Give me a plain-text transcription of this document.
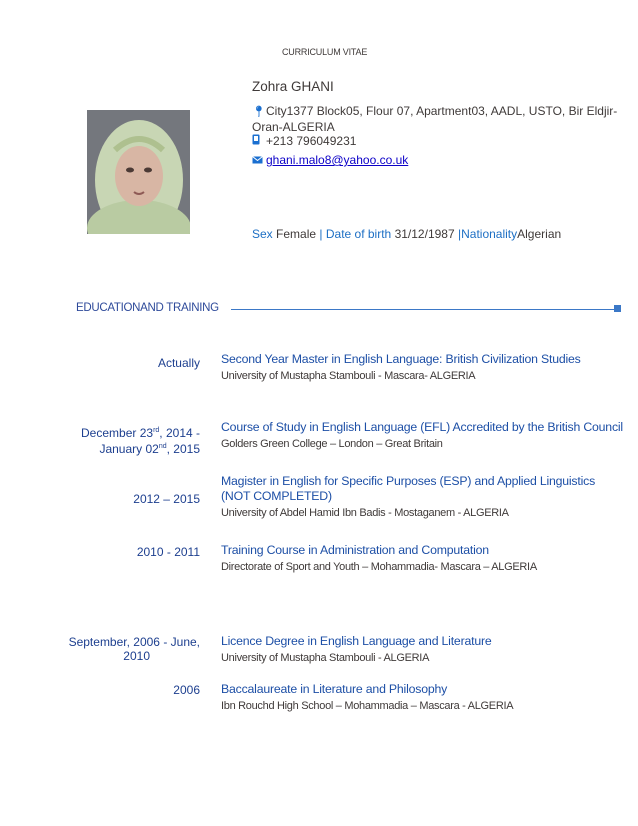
CURRICULUM VITAE
Zohra GHANI
📍︎City1377 Block05, Flour 07, Apartment03, AADL, USTO, Bir Eldjir- Oran-ALGERIA
+213 796049231
ghani.malo8@yahoo.co.uk
Sex Female | Date of birth 31/12/1987 |NationalityAlgerian
EDUCATIONAND TRAINING
Actually Second Year Master in English Language: British Civilization Studies
University of Mustapha Stambouli - Mascara- ALGERIA
December 23rd, 2014 -
January 02nd, 2015
Course of Study in English Language (EFL) Accredited by the British Council
Golders Green College – London – Great Britain
2012 – 2015
Magister in English for Specific Purposes (ESP) and Applied Linguistics (NOT COMPLETED)
University of Abdel Hamid Ibn Badis - Mostaganem - ALGERIA
2010 - 2011 Training Course in Administration and Computation
Directorate of Sport and Youth – Mohammadia- Mascara – ALGERIA
September, 2006 - June,
2010
Licence Degree in English Language and Literature
University of Mustapha Stambouli - ALGERIA
2006 Baccalaureate in Literature and Philosophy
Ibn Rouchd High School – Mohammadia – Mascara - ALGERIA
